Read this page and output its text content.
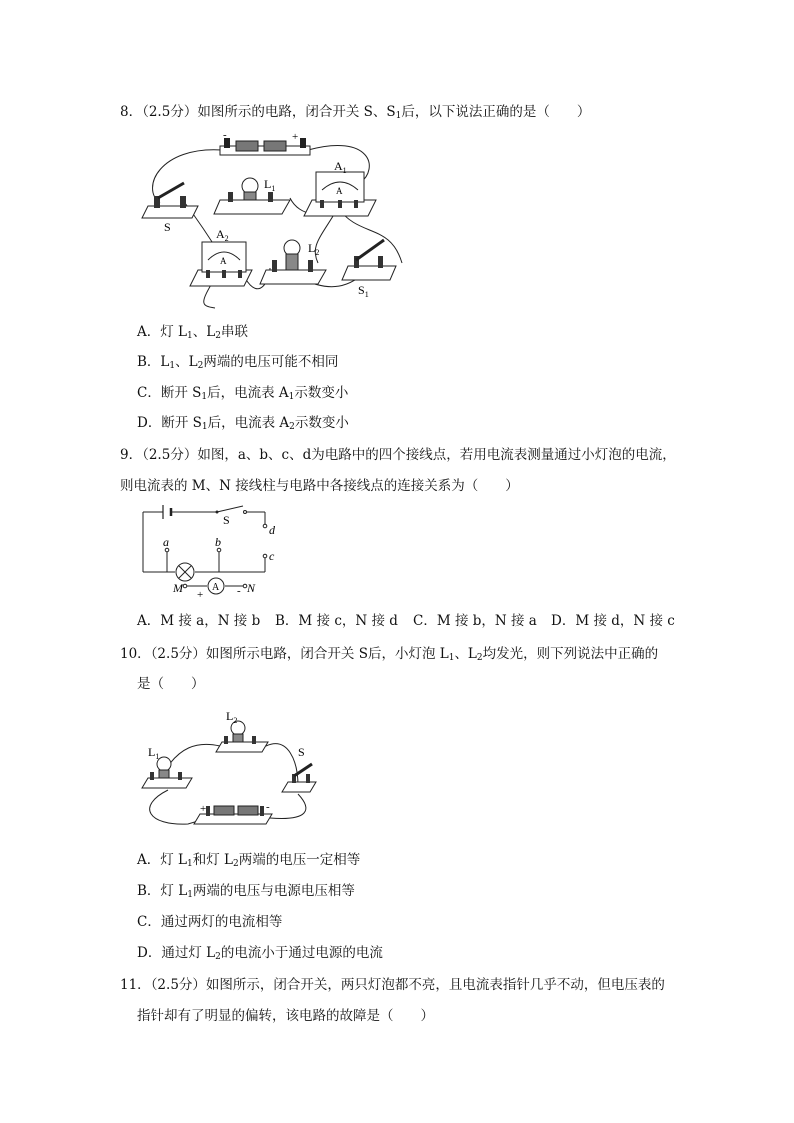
8．（2.5分）如图所示的电路，闭合开关 S、$S_1$后，以下说法正确的是（　　）
-	+
S
$L_1$	A
$A_1$
A
$A_2$
$L_2$
$S_1$
A．灯 $L_1$、$L_2$串联
B．$L_1$、$L_2$两端的电压可能不相同
C．断开 $S_1$后，电流表 $A_1$示数变小
D．断开 $S_1$后，电流表 $A_2$示数变小
9．（2.5分）如图，a、b、c、d为电路中的四个接线点，若用电流表测量通过小灯泡的电流，
则电流表的 M、N 接线柱与电路中各接线点的连接关系为（　　）
A
S
d
a	b
c
M	N
+	-
A．M 接 a，N 接 b B．M 接 c，N 接 d C．M 接 b，N 接 a D．M 接 d，N 接 c
10．（2.5分）如图所示电路，闭合开关 S后，小灯泡 $L_1$、$L_2$均发光，则下列说法中正确的
是（　　）
$L_2$
$L_1$	S
+	-
A．灯 $L_1$和灯 $L_2$两端的电压一定相等
B．灯 $L_1$两端的电压与电源电压相等
C．通过两灯的电流相等
D．通过灯 $L_2$的电流小于通过电源的电流
11．（2.5分）如图所示，闭合开关，两只灯泡都不亮，且电流表指针几乎不动，但电压表的
指针却有了明显的偏转，该电路的故障是（　　）
